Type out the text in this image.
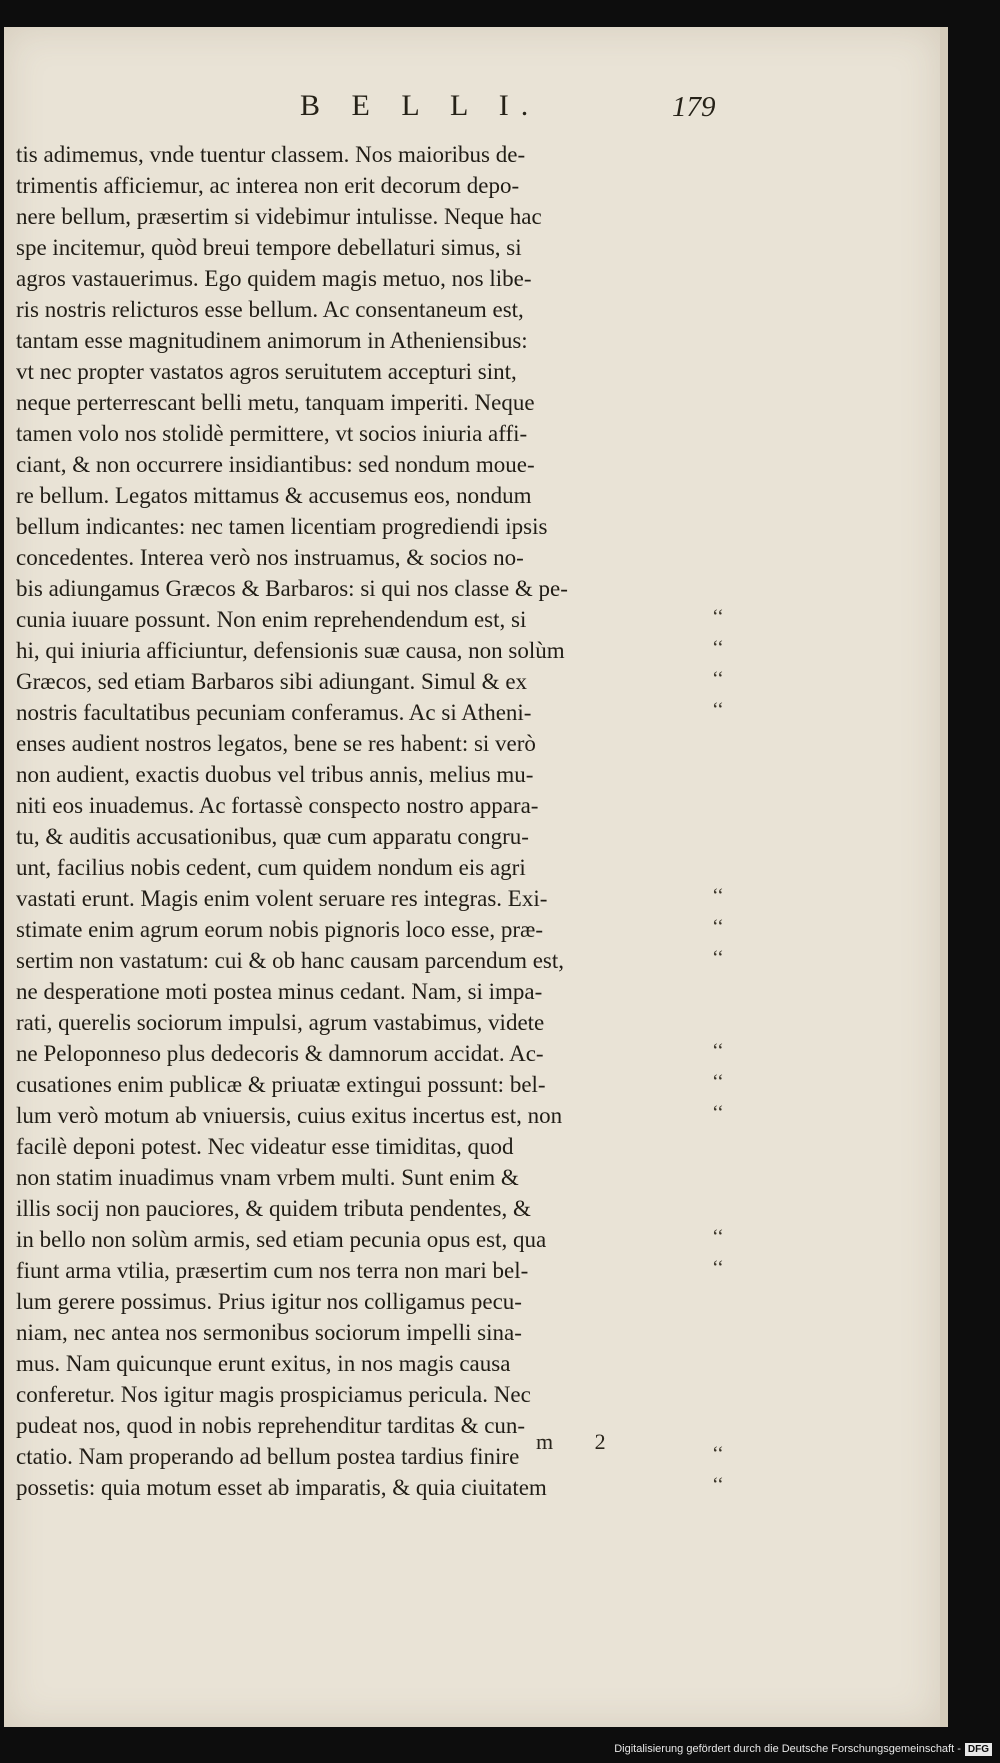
B E L L I.	179
tis adimemus, vnde tuentur classem. Nos maioribus de-
trimentis afficiemur, ac interea non erit decorum depo-
nere bellum, præsertim si videbimur intulisse. Neque hac
spe incitemur, quòd breui tempore debellaturi simus, si
agros vastauerimus. Ego quidem magis metuo, nos libe-
ris nostris relicturos esse bellum. Ac consentaneum est,
tantam esse magnitudinem animorum in Atheniensibus:
vt nec propter vastatos agros seruitutem accepturi sint,
neque perterrescant belli metu, tanquam imperiti. Neque
tamen volo nos stolidè permittere, vt socios iniuria affi-
ciant, & non occurrere insidiantibus: sed nondum moue-
re bellum. Legatos mittamus & accusemus eos, nondum
bellum indicantes: nec tamen licentiam progrediendi ipsis
concedentes. Interea verò nos instruamus, & socios no-
bis adiungamus Græcos & Barbaros: si qui nos classe & pe-
cunia iuuare possunt. Non enim reprehendendum est, si
hi, qui iniuria afficiuntur, defensionis suæ causa, non solùm
Græcos, sed etiam Barbaros sibi adiungant. Simul & ex
nostris facultatibus pecuniam conferamus. Ac si Atheni-
enses audient nostros legatos, bene se res habent: si verò
non audient, exactis duobus vel tribus annis, melius mu-
niti eos inuademus. Ac fortassè conspecto nostro appara-
tu, & auditis accusationibus, quæ cum apparatu congru-
unt, facilius nobis cedent, cum quidem nondum eis agri
vastati erunt. Magis enim volent seruare res integras. Exi-
stimate enim agrum eorum nobis pignoris loco esse, præ-
sertim non vastatum: cui & ob hanc causam parcendum est,
ne desperatione moti postea minus cedant. Nam, si impa-
rati, querelis sociorum impulsi, agrum vastabimus, videte
ne Peloponneso plus dedecoris & damnorum accidat. Ac-
cusationes enim publicæ & priuatæ extingui possunt: bel-
lum verò motum ab vniuersis, cuius exitus incertus est, non
facilè deponi potest. Nec videatur esse timiditas, quod
non statim inuadimus vnam vrbem multi. Sunt enim &
illis socij non pauciores, & quidem tributa pendentes, &
in bello non solùm armis, sed etiam pecunia opus est, qua
fiunt arma vtilia, præsertim cum nos terra non mari bel-
lum gerere possimus. Prius igitur nos colligamus pecu-
niam, nec antea nos sermonibus sociorum impelli sina-
mus. Nam quicunque erunt exitus, in nos magis causa
conferetur. Nos igitur magis prospiciamus pericula. Nec
pudeat nos, quod in nobis reprehenditur tarditas & cun-
ctatio. Nam properando ad bellum postea tardius finire
possetis: quia motum esset ab imparatis, & quia ciuitatem
‘‘
‘‘
‘‘
‘‘
‘‘
‘‘
‘‘
‘‘
‘‘
‘‘
‘‘
‘‘
‘‘
‘‘
m 2
Digitalisierung gefördert durch die Deutsche Forschungsgemeinschaft - DFG
